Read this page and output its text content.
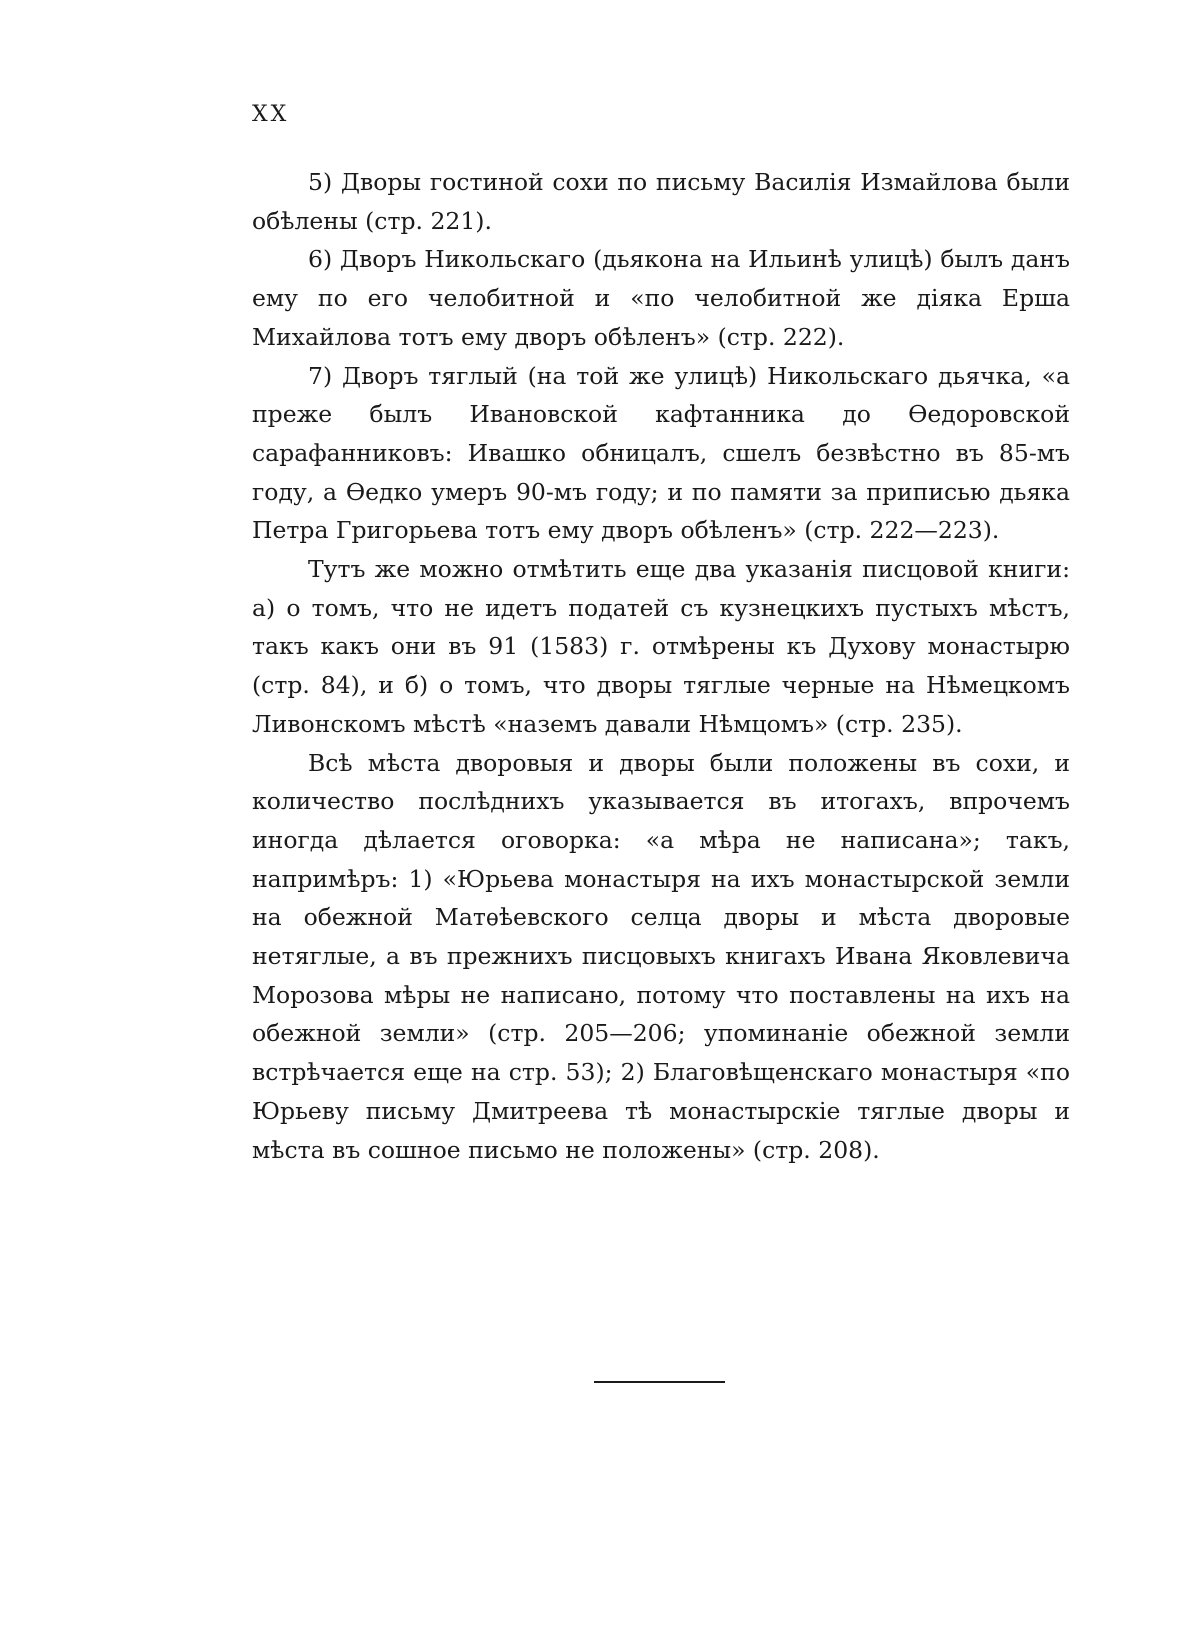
XX

5) Дворы гостиной сохи по письму Василія Измайлова были обѣлены (стр. 221).

6) Дворъ Никольскаго (дьякона на Ильинѣ улицѣ) былъ данъ ему по его челобитной и «по челобитной же діяка Ерша Михайлова тотъ ему дворъ обѣленъ» (стр. 222).

7) Дворъ тяглый (на той же улицѣ) Никольскаго дьячка, «а преже былъ Ивановской кафтанника до Ѳедоровской сарафанниковъ: Ивашко обницалъ, сшелъ безвѣстно въ 85-мъ году, а Ѳедко умеръ 90-мъ году; и по памяти за приписью дьяка Петра Григорьева тотъ ему дворъ обѣленъ» (стр. 222—223).

Тутъ же можно отмѣтить еще два указанія писцовой книги: а) о томъ, что не идетъ податей съ кузнецкихъ пустыхъ мѣстъ, такъ какъ они въ 91 (1583) г. отмѣрены къ Духову монастырю (стр. 84), и б) о томъ, что дворы тяглые черные на Нѣмецкомъ Ливонскомъ мѣстѣ «наземъ давали Нѣмцомъ» (стр. 235).

Всѣ мѣста дворовыя и дворы были положены въ сохи, и количество послѣднихъ указывается въ итогахъ, впрочемъ иногда дѣлается оговорка: «а мѣра не написана»; такъ, напримѣръ: 1) «Юрьева монастыря на ихъ монастырской земли на обежной Матѳѣевского селца дворы и мѣста дворовые нетяглые, а въ прежнихъ писцовыхъ книгахъ Ивана Яковлевича Морозова мѣры не написано, потому что поставлены на ихъ на обежной земли» (стр. 205—206; упоминаніе обежной земли встрѣчается еще на стр. 53); 2) Благовѣщенскаго монастыря «по Юрьеву письму Дмитреева тѣ монастырскіе тяглые дворы и мѣста въ сошное письмо не положены» (стр. 208).
